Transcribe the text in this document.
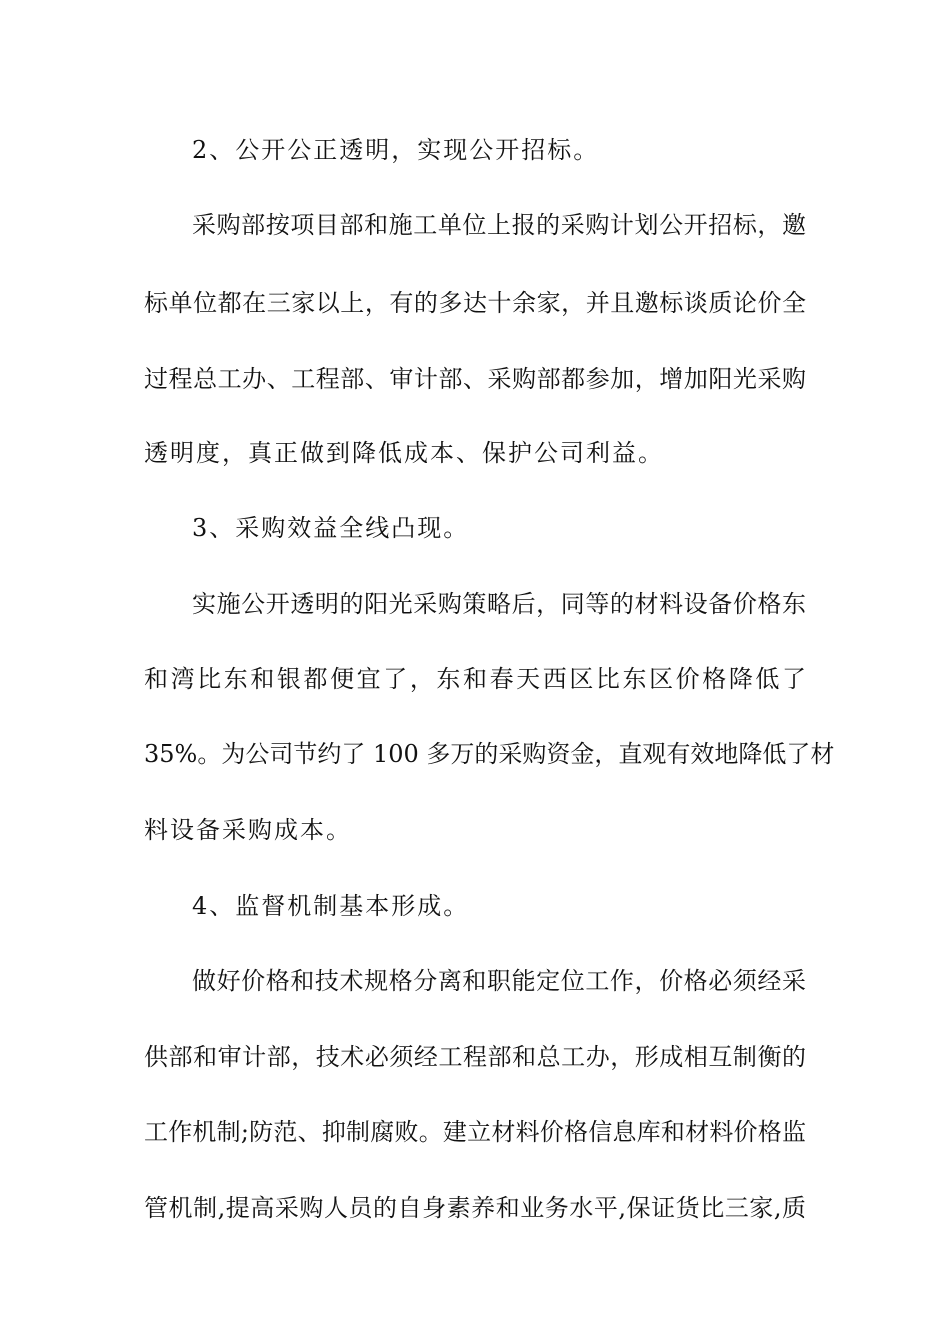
2、公开公正透明，实现公开招标。
采购部按项目部和施工单位上报的采购计划公开招标，邀
标单位都在三家以上，有的多达十余家，并且邀标谈质论价全
过程总工办、工程部、审计部、采购部都参加，增加阳光采购
透明度，真正做到降低成本、保护公司利益。
3、采购效益全线凸现。
实施公开透明的阳光采购策略后，同等的材料设备价格东
和湾比东和银都便宜了，东和春天西区比东区价格降低了
35%。为公司节约了 100 多万的采购资金，直观有效地降低了材
料设备采购成本。
4、监督机制基本形成。
做好价格和技术规格分离和职能定位工作，价格必须经采
供部和审计部，技术必须经工程部和总工办，形成相互制衡的
工作机制;防范、抑制腐败。建立材料价格信息库和材料价格监
管机制,提高采购人员的自身素养和业务水平,保证货比三家,质
